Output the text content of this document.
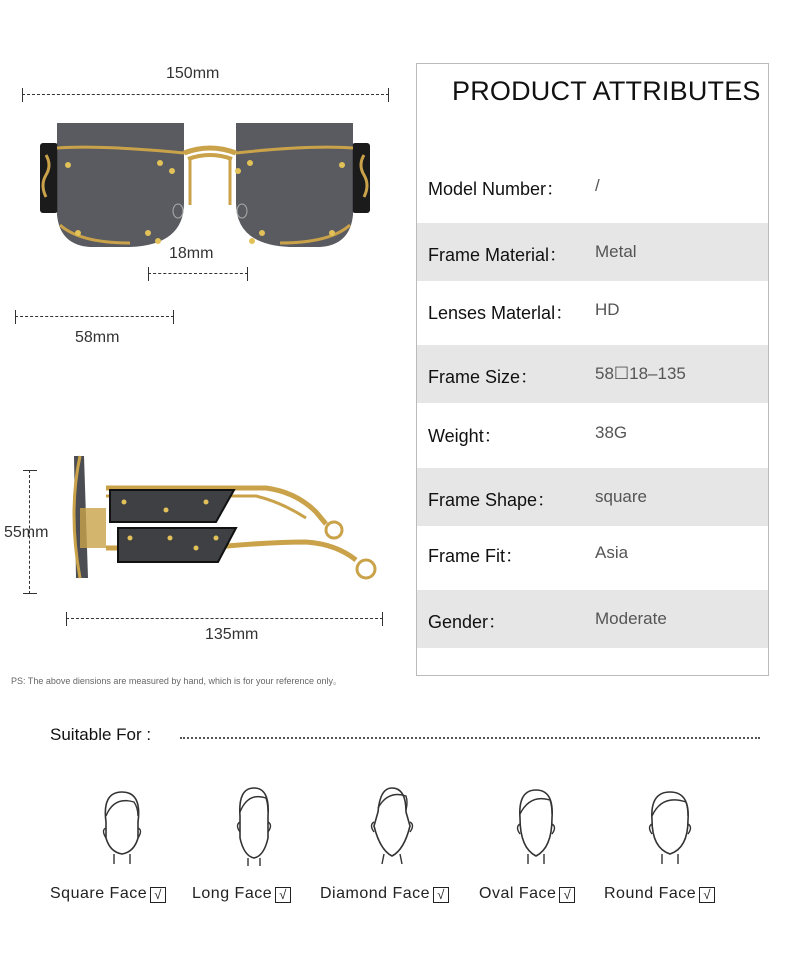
150mm
18mm
58mm
55mm
135mm
PS: The above diensions are measured by hand, which is for your reference only。
PRODUCT ATTRIBUTES
Model Number： /
Frame Material： Metal
Lenses Materlal： HD
Frame Size：	58☐18–135
Weight：	38G
Frame Shape： square
Frame Fit：	Asia
Gender：	Moderate
Suitable For :
Square Face √ Long Face √ Diamond Face √ Oval Face √ Round Face √
